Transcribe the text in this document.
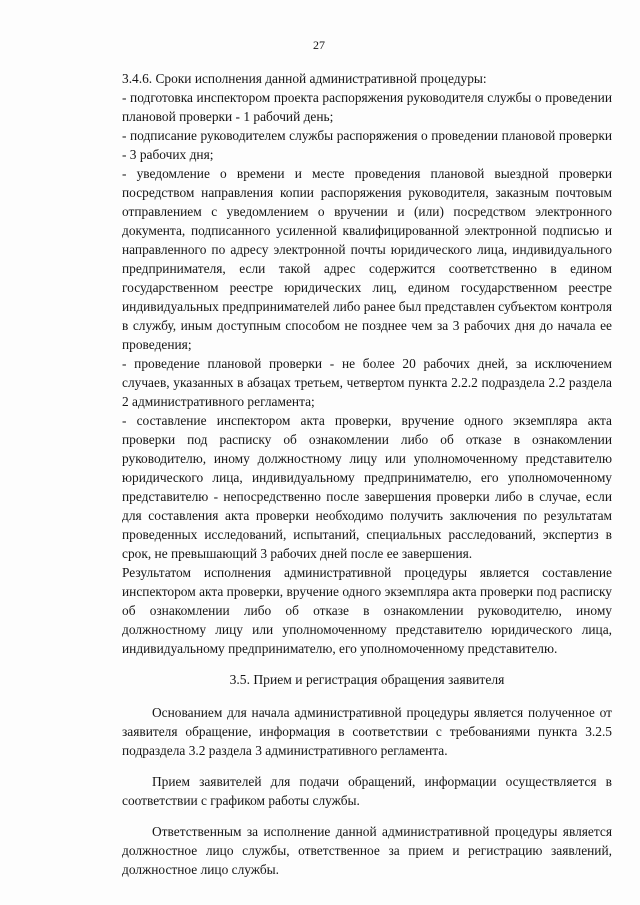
27

3.4.6. Сроки исполнения данной административной процедуры:

- подготовка инспектором проекта распоряжения руководителя службы о проведении плановой проверки - 1 рабочий день;

- подписание руководителем службы распоряжения о проведении плановой проверки - 3 рабочих дня;

- уведомление о времени и месте проведения плановой выездной проверки посредством направления копии распоряжения руководителя, заказным почтовым отправлением с уведомлением о вручении и (или) посредством электронного документа, подписанного усиленной квалифицированной электронной подписью и направленного по адресу электронной почты юридического лица, индивидуального предпринимателя, если такой адрес содержится соответственно в едином государственном реестре юридических лиц, едином государственном реестре индивидуальных предпринимателей либо ранее был представлен субъектом контроля в службу, иным доступным способом не позднее чем за 3 рабочих дня до начала ее проведения;

- проведение плановой проверки - не более 20 рабочих дней, за исключением случаев, указанных в абзацах третьем, четвертом пункта 2.2.2 подраздела 2.2 раздела 2 административного регламента;

- составление инспектором акта проверки, вручение одного экземпляра акта проверки под расписку об ознакомлении либо об отказе в ознакомлении руководителю, иному должностному лицу или уполномоченному представителю юридического лица, индивидуальному предпринимателю, его уполномоченному представителю - непосредственно после завершения проверки либо в случае, если для составления акта проверки необходимо получить заключения по результатам проведенных исследований, испытаний, специальных расследований, экспертиз в срок, не превышающий 3 рабочих дней после ее завершения.

Результатом исполнения административной процедуры является составление инспектором акта проверки, вручение одного экземпляра акта проверки под расписку об ознакомлении либо об отказе в ознакомлении руководителю, иному должностному лицу или уполномоченному представителю юридического лица, индивидуальному предпринимателю, его уполномоченному представителю.

3.5. Прием и регистрация обращения заявителя

Основанием для начала административной процедуры является полученное от заявителя обращение, информация в соответствии с требованиями пункта 3.2.5 подраздела 3.2 раздела 3 административного регламента.

Прием заявителей для подачи обращений, информации осуществляется в соответствии с графиком работы службы.

Ответственным за исполнение данной административной процедуры является должностное лицо службы, ответственное за прием и регистрацию заявлений, должностное лицо службы.
